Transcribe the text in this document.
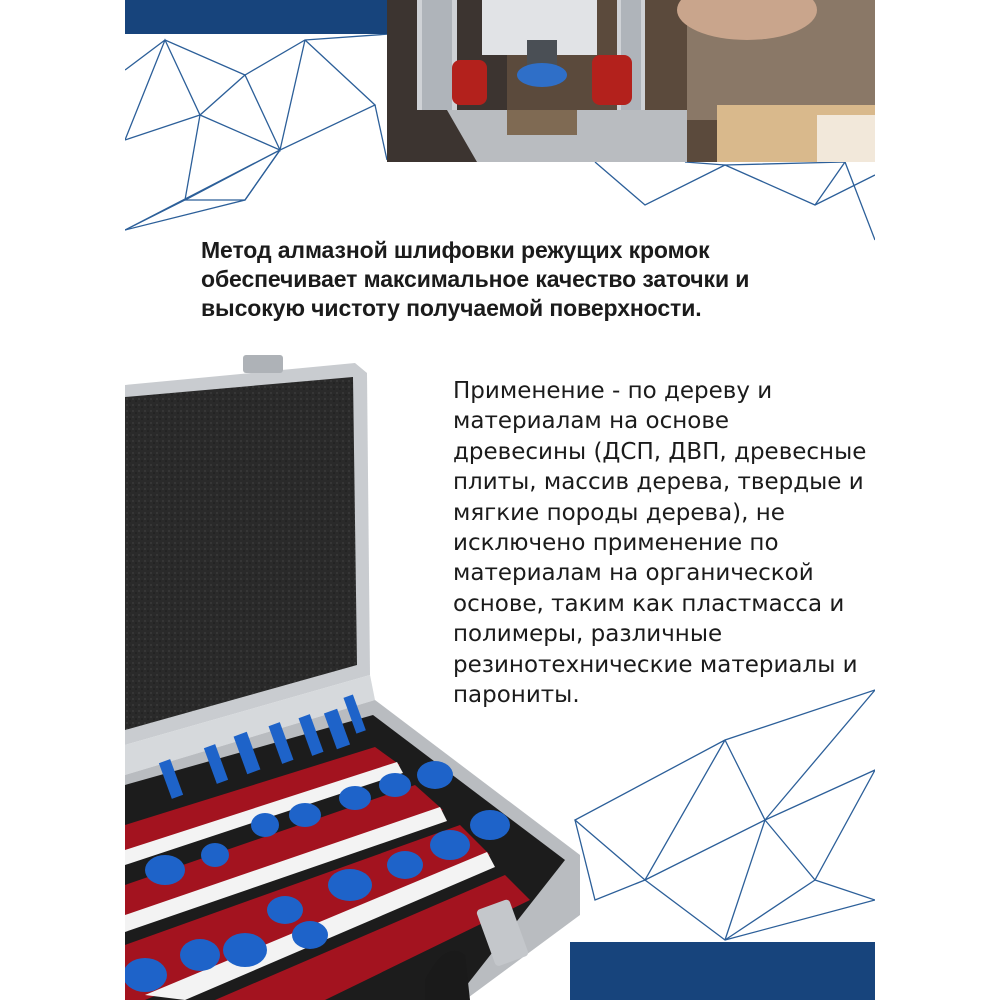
Метод алмазной шлифовки режущих кромок
обеспечивает максимальное качество заточки и
высокую чистоту получаемой поверхности.
Применение - по дереву и
материалам на основе
древесины (ДСП, ДВП, древесные
плиты, массив дерева, твердые и
мягкие породы дерева), не
исключено применение по
материалам на органической
основе, таким как пластмасса и
полимеры, различные
резинотехнические материалы и
парониты.
